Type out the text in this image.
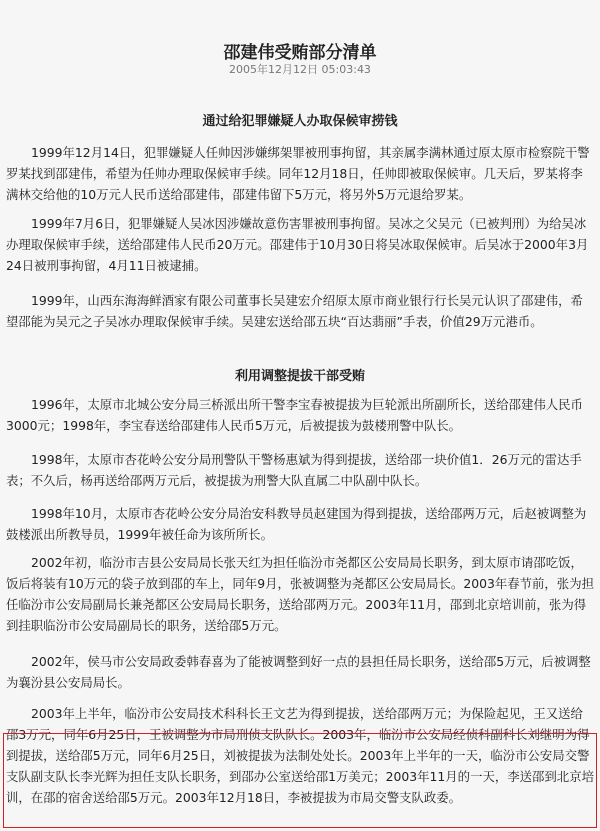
邵建伟受贿部分清单
2005年12月12日 05:03:43
通过给犯罪嫌疑人办取保候审捞钱

1999年12月14日，犯罪嫌疑人任帅因涉嫌绑架罪被刑事拘留，其亲属李满林通过原太原市检察院干警罗某找到邵建伟，希望为任帅办理取保候审手续。同年12月18日，任帅即被取保候审。几天后，罗某将李满林交给他的10万元人民币送给邵建伟，邵建伟留下5万元，将另外5万元退给罗某。

1999年7月6日，犯罪嫌疑人吴冰因涉嫌故意伤害罪被刑事拘留。吴冰之父吴元（已被判刑）为给吴冰办理取保候审手续，送给邵建伟人民币20万元。邵建伟于10月30日将吴冰取保候审。后吴冰于2000年3月24日被刑事拘留，4月11日被逮捕。

1999年，山西东海海鲜酒家有限公司董事长吴建宏介绍原太原市商业银行行长吴元认识了邵建伟，希望邵能为吴元之子吴冰办理取保候审手续。吴建宏送给邵五块“百达翡丽”手表，价值29万元港币。

利用调整提拔干部受贿

1996年，太原市北城公安分局三桥派出所干警李宝春被提拔为巨轮派出所副所长，送给邵建伟人民币3000元；1998年，李宝春送给邵建伟人民币5万元，后被提拔为鼓楼刑警中队长。

1998年，太原市杏花岭公安分局刑警队干警杨惠斌为得到提拔，送给邵一块价值1．26万元的雷达手表；不久后，杨再送给邵两万元后，被提拔为刑警大队直属二中队副中队长。

1998年10月，太原市杏花岭公安分局治安科教导员赵建国为得到提拔，送给邵两万元，后赵被调整为鼓楼派出所教导员，1999年被任命为该所所长。

2002年初，临汾市吉县公安局局长张天红为担任临汾市尧都区公安局局长职务，到太原市请邵吃饭，饭后将装有10万元的袋子放到邵的车上，同年9月，张被调整为尧都区公安局局长。2003年春节前，张为担任临汾市公安局副局长兼尧都区公安局局长职务，送给邵两万元。2003年11月，邵到北京培训前，张为得到挂职临汾市公安局副局长的职务，送给邵5万元。

2002年，侯马市公安局政委韩春喜为了能被调整到好一点的县担任局长职务，送给邵5万元，后被调整为襄汾县公安局局长。

2003年上半年，临汾市公安局技术科科长王文艺为得到提拔，送给邵两万元；为保险起见，王又送给邵3万元，同年6月25日，王被调整为市局刑侦支队队长。2003年，临汾市公安局经侦科副科长刘继明为得到提拔，送给邵5万元，同年6月25日，刘被提拔为法制处处长。2003年上半年的一天，临汾市公安局交警支队副支队长李光辉为担任支队长职务，到邵办公室送给邵1万美元；2003年11月的一天，李送邵到北京培训，在邵的宿舍送给邵5万元。2003年12月18日，李被提拔为市局交警支队政委。
